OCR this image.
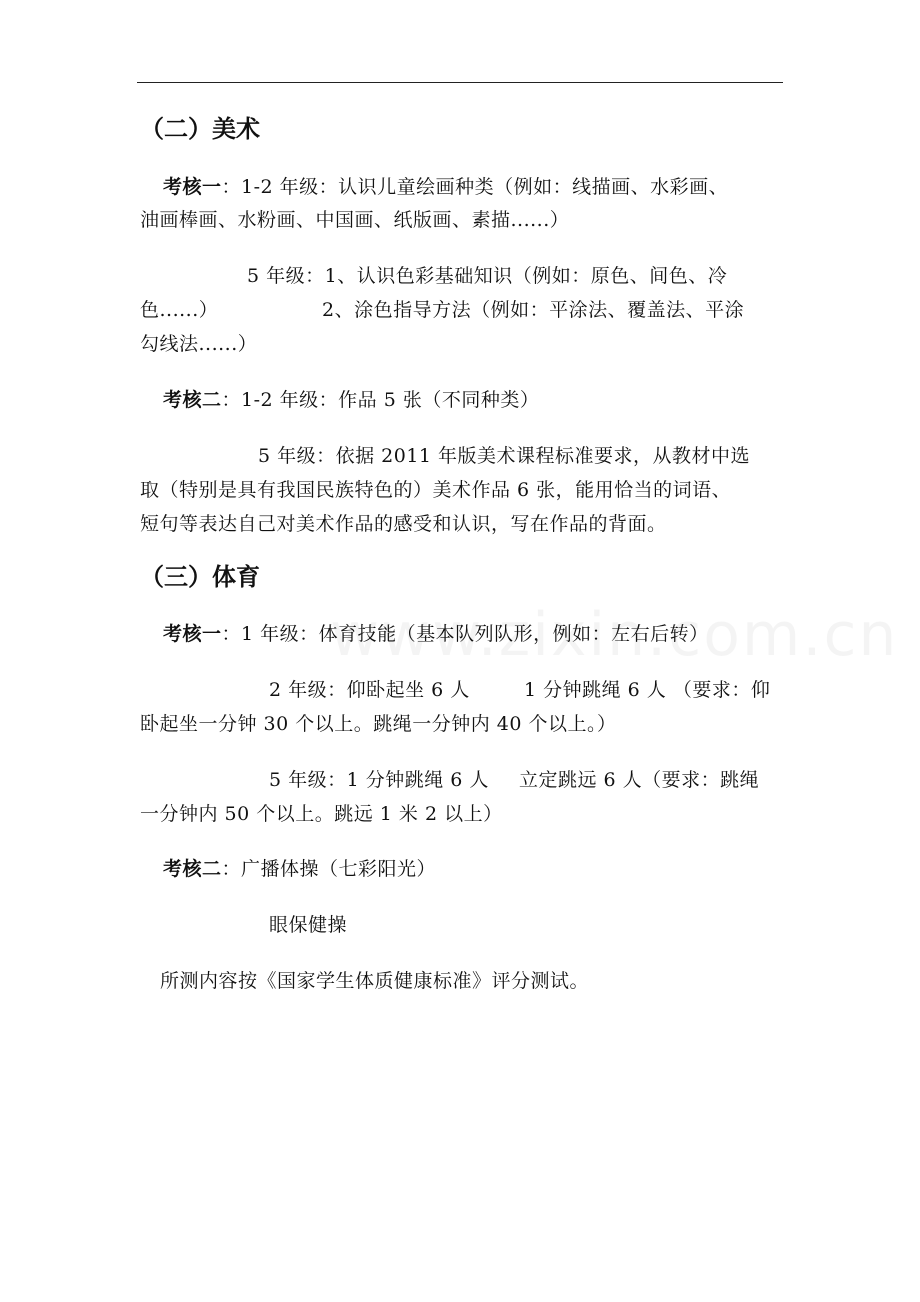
（二）美术
考核一：1-2 年级：认识儿童绘画种类（例如：线描画、水彩画、
油画棒画、水粉画、中国画、纸版画、素描......）
5 年级：1、认识色彩基础知识（例如：原色、间色、冷
色......）	2、涂色指导方法（例如：平涂法、覆盖法、平涂
勾线法......）
考核二：1-2 年级：作品 5 张（不同种类）
5 年级：依据 2011 年版美术课程标准要求，从教材中选
取（特别是具有我国民族特色的）美术作品 6 张，能用恰当的词语、
短句等表达自己对美术作品的感受和认识，写在作品的背面。
（三）体育
考核一：1 年级：体育技能（基本队列队形，例如：左右后转）
2 年级：仰卧起坐 6 人	1 分钟跳绳 6 人 （要求：仰
卧起坐一分钟 30 个以上。跳绳一分钟内 40 个以上。）
5 年级：1 分钟跳绳 6 人 立定跳远 6 人（要求：跳绳
一分钟内 50 个以上。跳远 1 米 2 以上）
考核二：广播体操（七彩阳光）
眼保健操
所测内容按《国家学生体质健康标准》评分测试。
